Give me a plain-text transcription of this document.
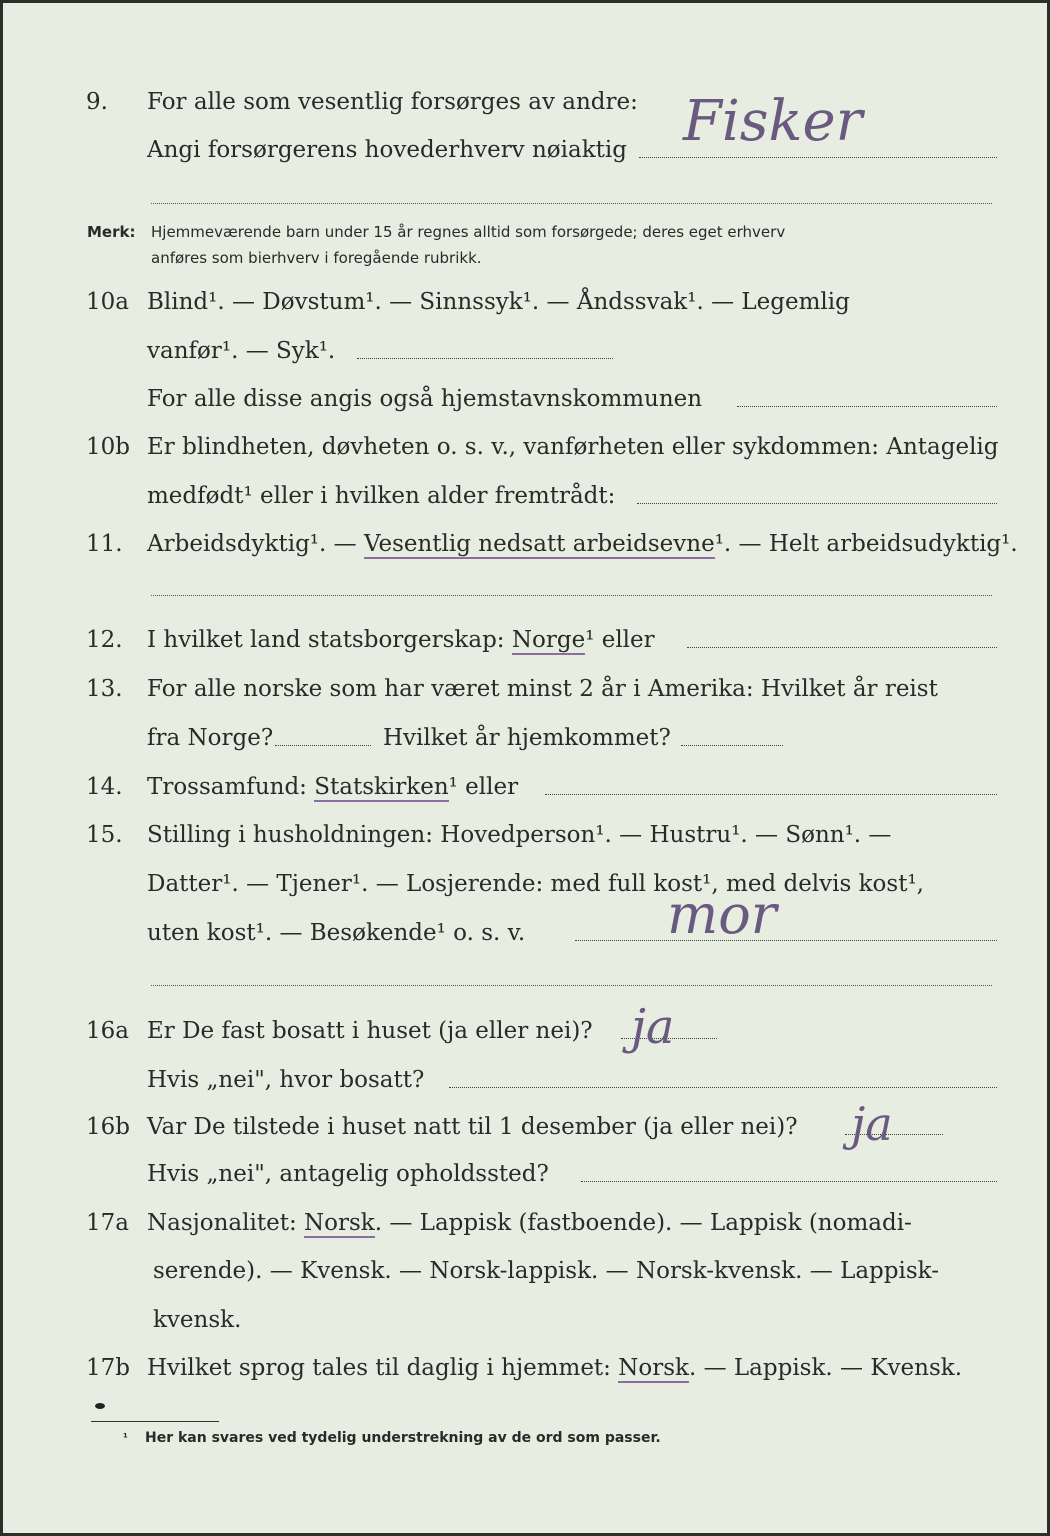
9. For alle som vesentlig forsørges av andre:
Angi forsørgerens hovederhverv nøiaktig Fisker
Merk: Hjemmeværende barn under 15 år regnes alltid som forsørgede; deres eget erhverv
anføres som bierhverv i foregående rubrikk.
10a Blind¹. — Døvstum¹. — Sinnssyk¹. — Åndssvak¹. — Legemlig
vanfør¹. — Syk¹.
For alle disse angis også hjemstavnskommunen
10b Er blindheten, døvheten o. s. v., vanførheten eller sykdommen: Antagelig
medfødt¹ eller i hvilken alder fremtrådt:
11. Arbeidsdyktig¹. — Vesentlig nedsatt arbeidsevne¹. — Helt arbeidsudyktig¹.
12. I hvilket land statsborgerskap: Norge¹ eller
13. For alle norske som har været minst 2 år i Amerika: Hvilket år reist
fra Norge?	Hvilket år hjemkommet?
14. Trossamfund: Statskirken¹ eller
15. Stilling i husholdningen: Hovedperson¹. — Hustru¹. — Sønn¹. —
Datter¹. — Tjener¹. — Losjerende: med full kost¹, med delvis kost¹,
uten kost¹. — Besøkende¹ o. s. v.	mor
16a Er De fast bosatt i huset (ja eller nei)? ja
Hvis „nei", hvor bosatt?
16b Var De tilstede i huset natt til 1 desember (ja eller nei)? ja
Hvis „nei", antagelig opholdssted?
17a Nasjonalitet: Norsk. — Lappisk (fastboende). — Lappisk (nomadi-
serende). — Kvensk. — Norsk-lappisk. — Norsk-kvensk. — Lappisk-
kvensk.
17b Hvilket sprog tales til daglig i hjemmet: Norsk. — Lappisk. — Kvensk.
¹ Her kan svares ved tydelig understrekning av de ord som passer.
